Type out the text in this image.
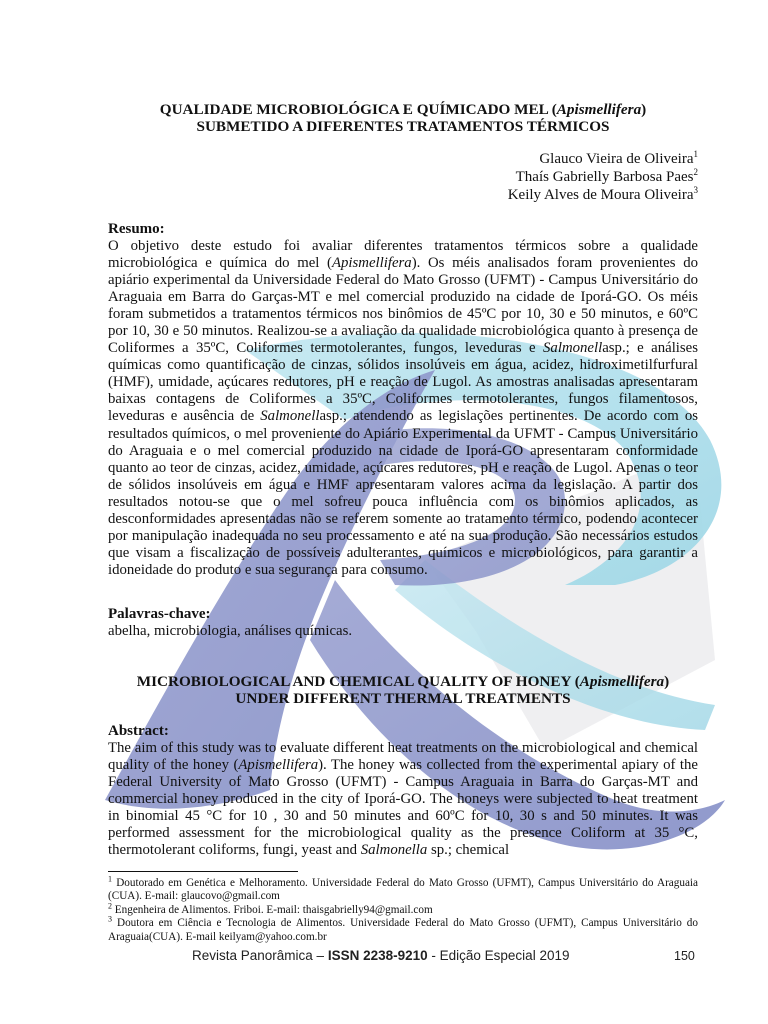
QUALIDADE MICROBIOLÓGICA E QUÍMICADO MEL (Apismellifera)
SUBMETIDO A DIFERENTES TRATAMENTOS TÉRMICOS
Glauco Vieira de Oliveira$^1$
Thaís Gabrielly Barbosa Paes$^2$
Keily Alves de Moura Oliveira$^3$
Resumo:

O objetivo deste estudo foi avaliar diferentes tratamentos térmicos sobre a qualidade microbiológica e química do mel (Apismellifera). Os méis analisados foram provenientes do apiário experimental da Universidade Federal do Mato Grosso (UFMT) - Campus Universitário do Araguaia em Barra do Garças-MT e mel comercial produzido na cidade de Iporá-GO. Os méis foram submetidos a tratamentos térmicos nos binômios de 45ºC por 10, 30 e 50 minutos, e 60ºC por 10, 30 e 50 minutos. Realizou-se a avaliação da qualidade microbiológica quanto à presença de Coliformes a 35ºC, Coliformes termotolerantes, fungos, leveduras e Salmonellasp.; e análises químicas como quantificação de cinzas, sólidos insolúveis em água, acidez, hidroximetilfurfural (HMF), umidade, açúcares redutores, pH e reação de Lugol. As amostras analisadas apresentaram baixas contagens de Coliformes a 35ºC, Coliformes termotolerantes, fungos filamentosos, leveduras e ausência de Salmonellasp.; atendendo as legislações pertinentes. De acordo com os resultados químicos, o mel proveniente do Apiário Experimental da UFMT - Campus Universitário do Araguaia e o mel comercial produzido na cidade de Iporá-GO apresentaram conformidade quanto ao teor de cinzas, acidez, umidade, açúcares redutores, pH e reação de Lugol. Apenas o teor de sólidos insolúveis em água e HMF apresentaram valores acima da legislação. A partir dos resultados notou-se que o mel sofreu pouca influência com os binômios aplicados, as desconformidades apresentadas não se referem somente ao tratamento térmico, podendo acontecer por manipulação inadequada no seu processamento e até na sua produção. São necessários estudos que visam a fiscalização de possíveis adulterantes, químicos e microbiológicos, para garantir a idoneidade do produto e sua segurança para consumo.

Palavras-chave:
abelha, microbiologia, análises químicas.
MICROBIOLOGICAL AND CHEMICAL QUALITY OF HONEY (Apismellifera)
UNDER DIFFERENT THERMAL TREATMENTS
Abstract:

The aim of this study was to evaluate different heat treatments on the microbiological and chemical quality of the honey (Apismellifera). The honey was collected from the experimental apiary of the Federal University of Mato Grosso (UFMT) - Campus Araguaia in Barra do Garças-MT and commercial honey produced in the city of Iporá-GO. The honeys were subjected to heat treatment in binomial 45 °C for 10 , 30 and 50 minutes and 60ºC for 10, 30 s and 50 minutes. It was performed assessment for the microbiological quality as the presence Coliform at 35 °C, thermotolerant coliforms, fungi, yeast and Salmonella sp.; chemical

$^1$ Doutorado em Genética e Melhoramento. Universidade Federal do Mato Grosso (UFMT), Campus Universitário do Araguaia (CUA). E-mail: glaucovo@gmail.com
$^2$ Engenheira de Alimentos. Friboi. E-mail: thaisgabrielly94@gmail.com
$^3$ Doutora em Ciência e Tecnologia de Alimentos. Universidade Federal do Mato Grosso (UFMT), Campus Universitário do Araguaia(CUA). E-mail keilyam@yahoo.com.br
Revista Panorâmica – ISSN 2238-9210 - Edição Especial 2019	150
